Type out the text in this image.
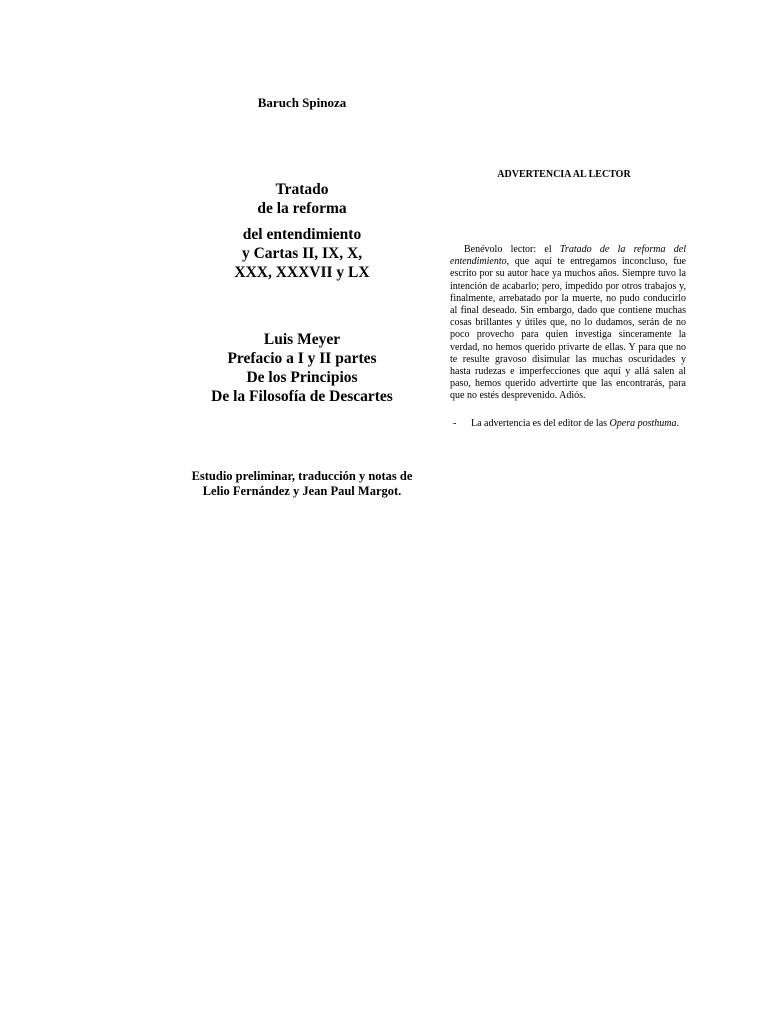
Baruch Spinoza
Tratado
de la reforma
del entendimiento
y Cartas II, IX, X,
XXX, XXXVII y LX
Luis Meyer
Prefacio a I y II partes
De los Principios
De la Filosofía de Descartes
Estudio preliminar, traducción y notas de
Lelio Fernández y Jean Paul Margot.
ADVERTENCIA AL LECTOR

Benévolo lector: el Tratado de la reforma del entendimiento, que aquí te entregamos inconcluso, fue escrito por su autor hace ya muchos años. Siempre tuvo la intención de acabarlo; pero, impedido por otros trabajos y, finalmente, arrebatado por la muerte, no pudo conducirlo al final deseado. Sin embargo, dado que contiene muchas cosas brillantes y útiles que, no lo dudamos, serán de no poco provecho para quien investiga sinceramente la verdad, no hemos querido privarte de ellas. Y para que no te resulte gravoso disimular las muchas oscuridades y hasta rudezas e imperfecciones que aquí y allá salen al paso, hemos querido advertirte que las encontrarás, para que no estés desprevenido. Adiós.

- La advertencia es del editor de las Opera posthuma.
